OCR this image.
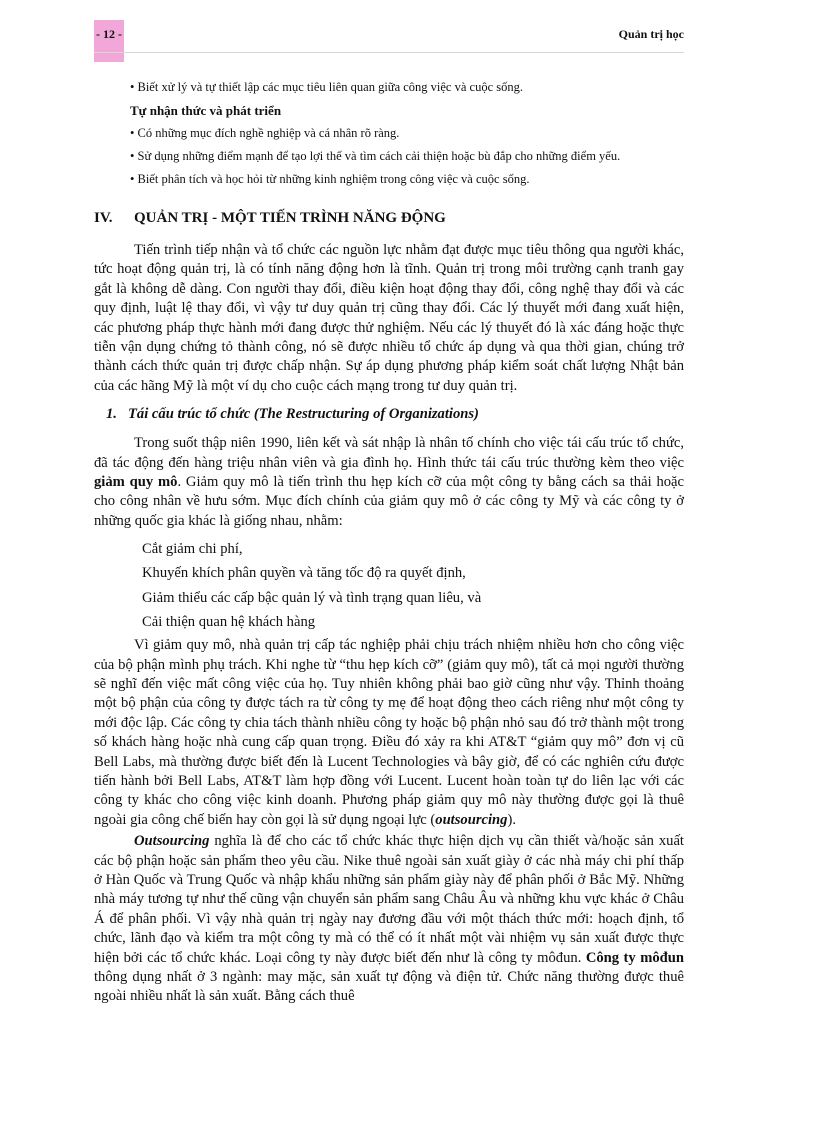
- 12 -	Quản trị học

• Biết xử lý và tự thiết lập các mục tiêu liên quan giữa công việc và cuộc sống.

Tự nhận thức và phát triển

• Có những mục đích nghề nghiệp và cá nhân rõ ràng.

• Sử dụng những điểm mạnh để tạo lợi thế và tìm cách cải thiện hoặc bù đắp cho những điểm yếu.

• Biết phân tích và học hỏi từ những kinh nghiệm trong công việc và cuộc sống.

IV.	QUẢN TRỊ - MỘT TIẾN TRÌNH NĂNG ĐỘNG

Tiến trình tiếp nhận và tổ chức các nguồn lực nhằm đạt được mục tiêu thông qua người khác, tức hoạt động quản trị, là có tính năng động hơn là tĩnh. Quản trị trong môi trường cạnh tranh gay gắt là không dễ dàng. Con người thay đổi, điều kiện hoạt động thay đổi, công nghệ thay đổi và các quy định, luật lệ thay đổi, vì vậy tư duy quản trị cũng thay đổi. Các lý thuyết mới đang xuất hiện, các phương pháp thực hành mới đang được thử nghiệm. Nếu các lý thuyết đó là xác đáng hoặc thực tiễn vận dụng chứng tỏ thành công, nó sẽ được nhiều tổ chức áp dụng và qua thời gian, chúng trở thành cách thức quản trị được chấp nhận. Sự áp dụng phương pháp kiểm soát chất lượng Nhật bản của các hãng Mỹ là một ví dụ cho cuộc cách mạng trong tư duy quản trị.

1. Tái cấu trúc tổ chức (The Restructuring of Organizations)

Trong suốt thập niên 1990, liên kết và sát nhập là nhân tố chính cho việc tái cấu trúc tổ chức, đã tác động đến hàng triệu nhân viên và gia đình họ. Hình thức tái cấu trúc thường kèm theo việc giảm quy mô. Giảm quy mô là tiến trình thu hẹp kích cỡ của một công ty bằng cách sa thải hoặc cho công nhân về hưu sớm. Mục đích chính của giảm quy mô ở các công ty Mỹ và các công ty ở những quốc gia khác là giống nhau, nhằm:

Cắt giảm chi phí,

Khuyến khích phân quyền và tăng tốc độ ra quyết định,

Giảm thiểu các cấp bậc quản lý và tình trạng quan liêu, và

Cải thiện quan hệ khách hàng

Vì giảm quy mô, nhà quản trị cấp tác nghiệp phải chịu trách nhiệm nhiều hơn cho công việc của bộ phận mình phụ trách. Khi nghe từ “thu hẹp kích cỡ” (giảm quy mô), tất cả mọi người thường sẽ nghĩ đến việc mất công việc của họ. Tuy nhiên không phải bao giờ cũng như vậy. Thỉnh thoảng một bộ phận của công ty được tách ra từ công ty mẹ để hoạt động theo cách riêng như một công ty mới độc lập. Các công ty chia tách thành nhiều công ty hoặc bộ phận nhỏ sau đó trở thành một trong số khách hàng hoặc nhà cung cấp quan trọng. Điều đó xảy ra khi AT&T “giảm quy mô” đơn vị cũ Bell Labs, mà thường được biết đến là Lucent Technologies và bây giờ, để có các nghiên cứu được tiến hành bởi Bell Labs, AT&T làm hợp đồng với Lucent. Lucent hoàn toàn tự do liên lạc với các công ty khác cho công việc kinh doanh. Phương pháp giảm quy mô này thường được gọi là thuê ngoài gia công chế biến hay còn gọi là sử dụng ngoại lực (outsourcing).

Outsourcing nghĩa là để cho các tổ chức khác thực hiện dịch vụ cần thiết và/hoặc sản xuất các bộ phận hoặc sản phẩm theo yêu cầu. Nike thuê ngoài sản xuất giày ở các nhà máy chi phí thấp ở Hàn Quốc và Trung Quốc và nhập khẩu những sản phẩm giày này để phân phối ở Bắc Mỹ. Những nhà máy tương tự như thế cũng vận chuyển sản phẩm sang Châu Âu và những khu vực khác ở Châu Á để phân phối. Vì vậy nhà quản trị ngày nay đương đầu với một thách thức mới: hoạch định, tổ chức, lãnh đạo và kiểm tra một công ty mà có thể có ít nhất một vài nhiệm vụ sản xuất được thực hiện bởi các tổ chức khác. Loại công ty này được biết đến như là công ty môđun. Công ty môđun thông dụng nhất ở 3 ngành: may mặc, sản xuất tự động và điện tử. Chức năng thường được thuê ngoài nhiều nhất là sản xuất. Bằng cách thuê
